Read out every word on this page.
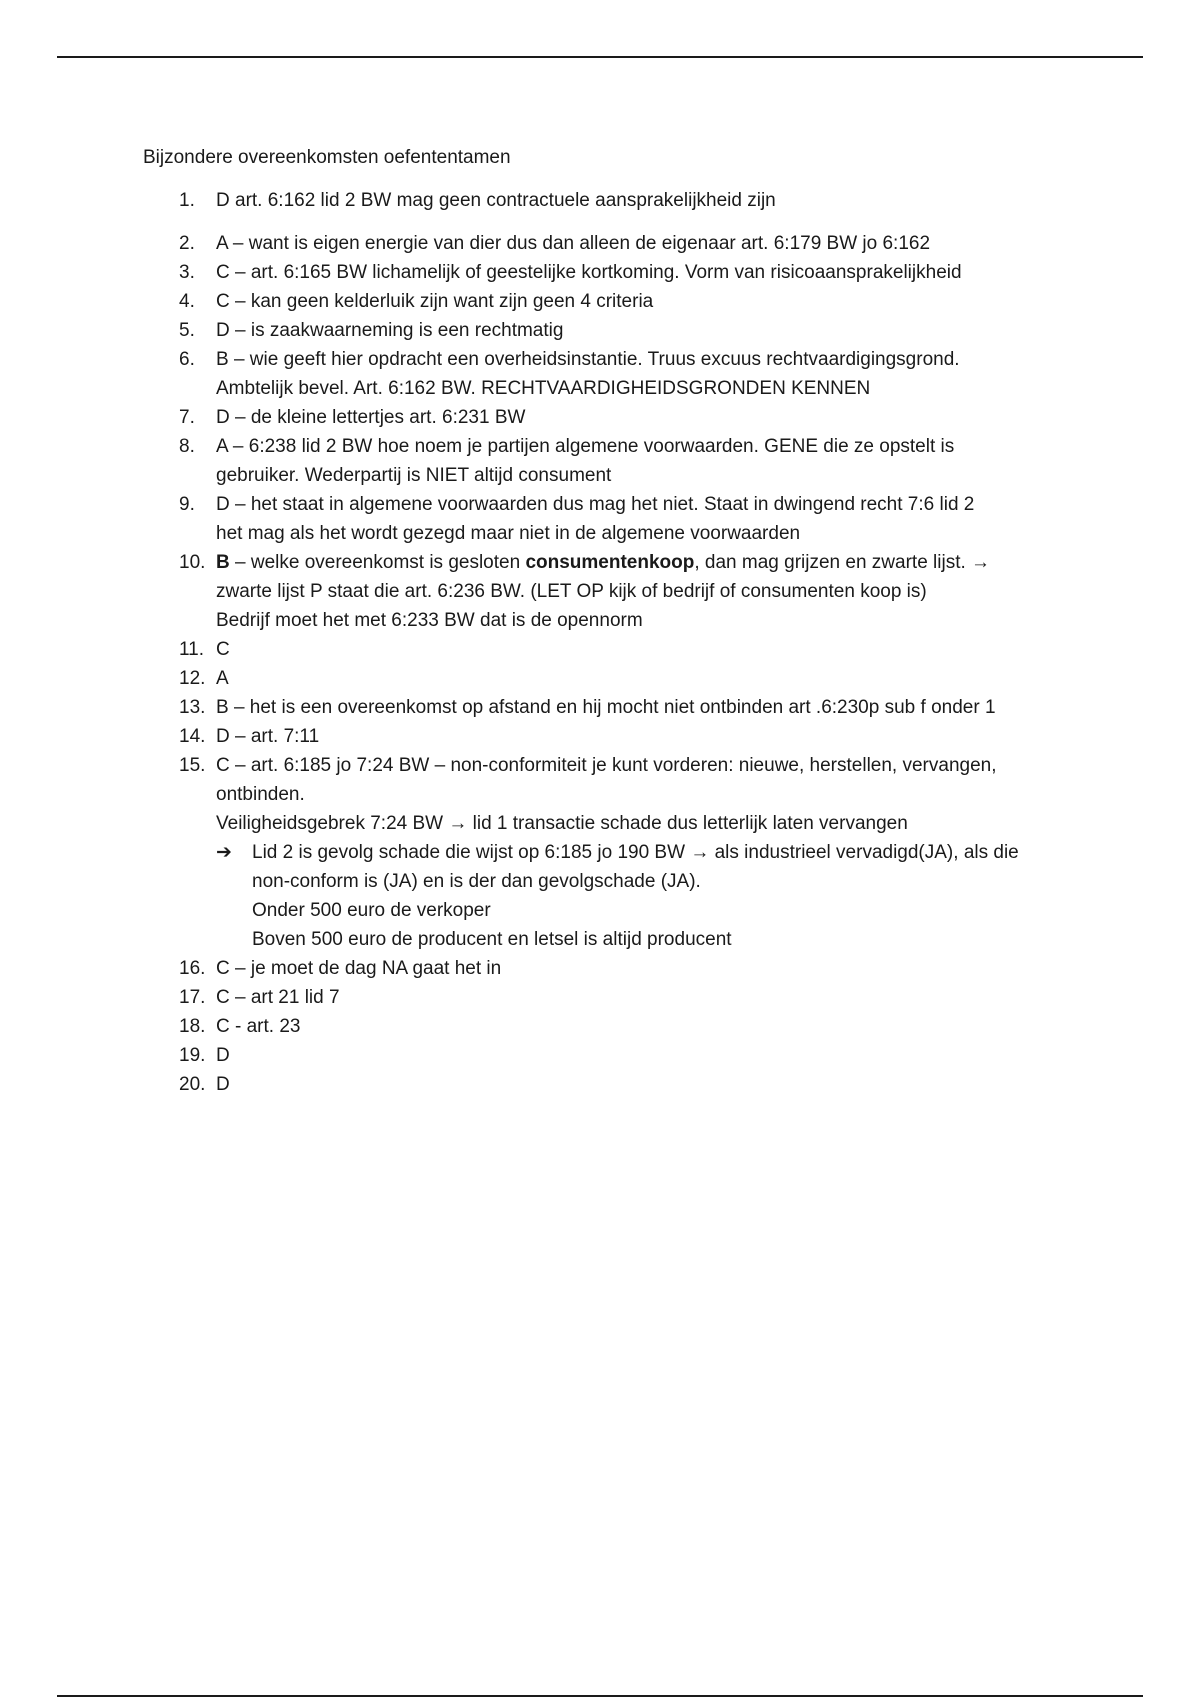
Bijzondere overeenkomsten oefententamen
1.	D art. 6:162 lid 2 BW mag geen contractuele aansprakelijkheid zijn
2.	A – want is eigen energie van dier dus dan alleen de eigenaar art. 6:179 BW jo 6:162
3.	C – art. 6:165 BW lichamelijk of geestelijke kortkoming. Vorm van risicoaansprakelijkheid
4.	C – kan geen kelderluik zijn want zijn geen 4 criteria
5.	D – is zaakwaarneming is een rechtmatig
6.	B – wie geeft hier opdracht een overheidsinstantie. Truus excuus rechtvaardigingsgrond.
Ambtelijk bevel. Art. 6:162 BW. RECHTVAARDIGHEIDSGRONDEN KENNEN
7.	D – de kleine lettertjes art. 6:231 BW
8.	A – 6:238 lid 2 BW hoe noem je partijen algemene voorwaarden. GENE die ze opstelt is
gebruiker. Wederpartij is NIET altijd consument
9.	D – het staat in algemene voorwaarden dus mag het niet. Staat in dwingend recht 7:6 lid 2
het mag als het wordt gezegd maar niet in de algemene voorwaarden
10. B – welke overeenkomst is gesloten consumentenkoop, dan mag grijzen en zwarte lijst. →
zwarte lijst P staat die art. 6:236 BW. (LET OP kijk of bedrijf of consumenten koop is)
Bedrijf moet het met 6:233 BW dat is de opennorm
11. C
12. A
13. B – het is een overeenkomst op afstand en hij mocht niet ontbinden art .6:230p sub f onder 1
14. D – art. 7:11
15. C – art. 6:185 jo 7:24 BW – non-conformiteit je kunt vorderen: nieuwe, herstellen, vervangen,
ontbinden.
Veiligheidsgebrek 7:24 BW → lid 1 transactie schade dus letterlijk laten vervangen
➔ Lid 2 is gevolg schade die wijst op 6:185 jo 190 BW → als industrieel vervadigd(JA), als die
non-conform is (JA) en is der dan gevolgschade (JA).
Onder 500 euro de verkoper
Boven 500 euro de producent en letsel is altijd producent
16. C – je moet de dag NA gaat het in
17. C – art 21 lid 7
18. C - art. 23
19. D
20. D
